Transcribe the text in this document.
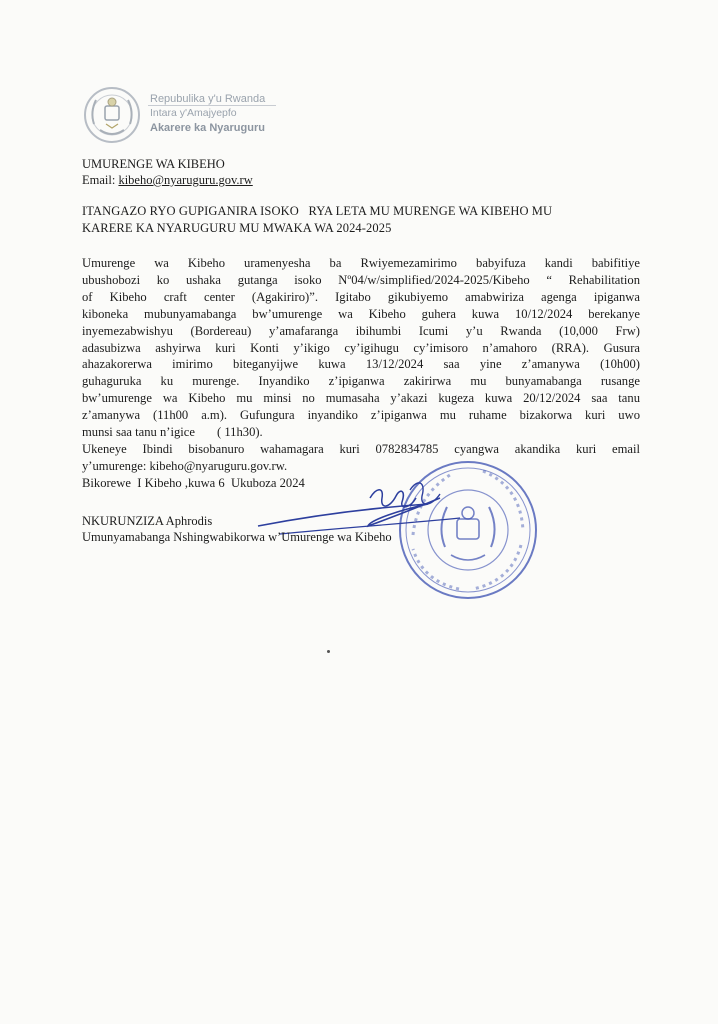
Repubulika y'u Rwanda

Intara y'Amajyepfo

Akarere ka Nyaruguru

UMURENGE WA KIBEHO

Email: kibeho@nyaruguru.gov.rw

ITANGAZO RYO GUPIGANIRA ISOKO   RYA LETA MU MURENGE WA KIBEHO MU

KARERE KA NYARUGURU MU MWAKA WA 2024-2025

Umurenge wa Kibeho uramenyesha ba Rwiyemezamirimo babyifuza kandi babifitiye
ubushobozi ko ushaka gutanga isoko Nº04/w/simplified/2024-2025/Kibeho “ Rehabilitation
of Kibeho craft center (Agakiriro)”. Igitabo gikubiyemo amabwiriza agenga ipiganwa
kiboneka mubunyamabanga bw’umurenge wa Kibeho guhera kuwa 10/12/2024 berekanye
inyemezabwishyu (Bordereau) y’amafaranga ibihumbi Icumi y’u Rwanda (10,000 Frw)
adasubizwa ashyirwa kuri Konti y’ikigo cy’igihugu cy’imisoro n’amahoro (RRA). Gusura
ahazakorerwa imirimo biteganyijwe kuwa 13/12/2024 saa yine z’amanywa (10h00)
guhaguruka ku murenge. Inyandiko z’ipiganwa zakirirwa mu bunyamabanga rusange
bw’umurenge wa Kibeho mu minsi no mumasaha y’akazi kugeza kuwa 20/12/2024 saa tanu
z’amanywa (11h00 a.m). Gufungura inyandiko z’ipiganwa mu ruhame bizakorwa kuri uwo
munsi saa tanu n’igice       ( 11h30).
Ukeneye Ibindi bisobanuro wahamagara kuri 0782834785 cyangwa akandika kuri email
y’umurenge: kibeho@nyaruguru.gov.rw.
Bikorewe  I Kibeho ,kuwa 6  Ukuboza 2024

NKURUNZIZA Aphrodis

Umunyamabanga Nshingwabikorwa w’Umurenge wa Kibeho
